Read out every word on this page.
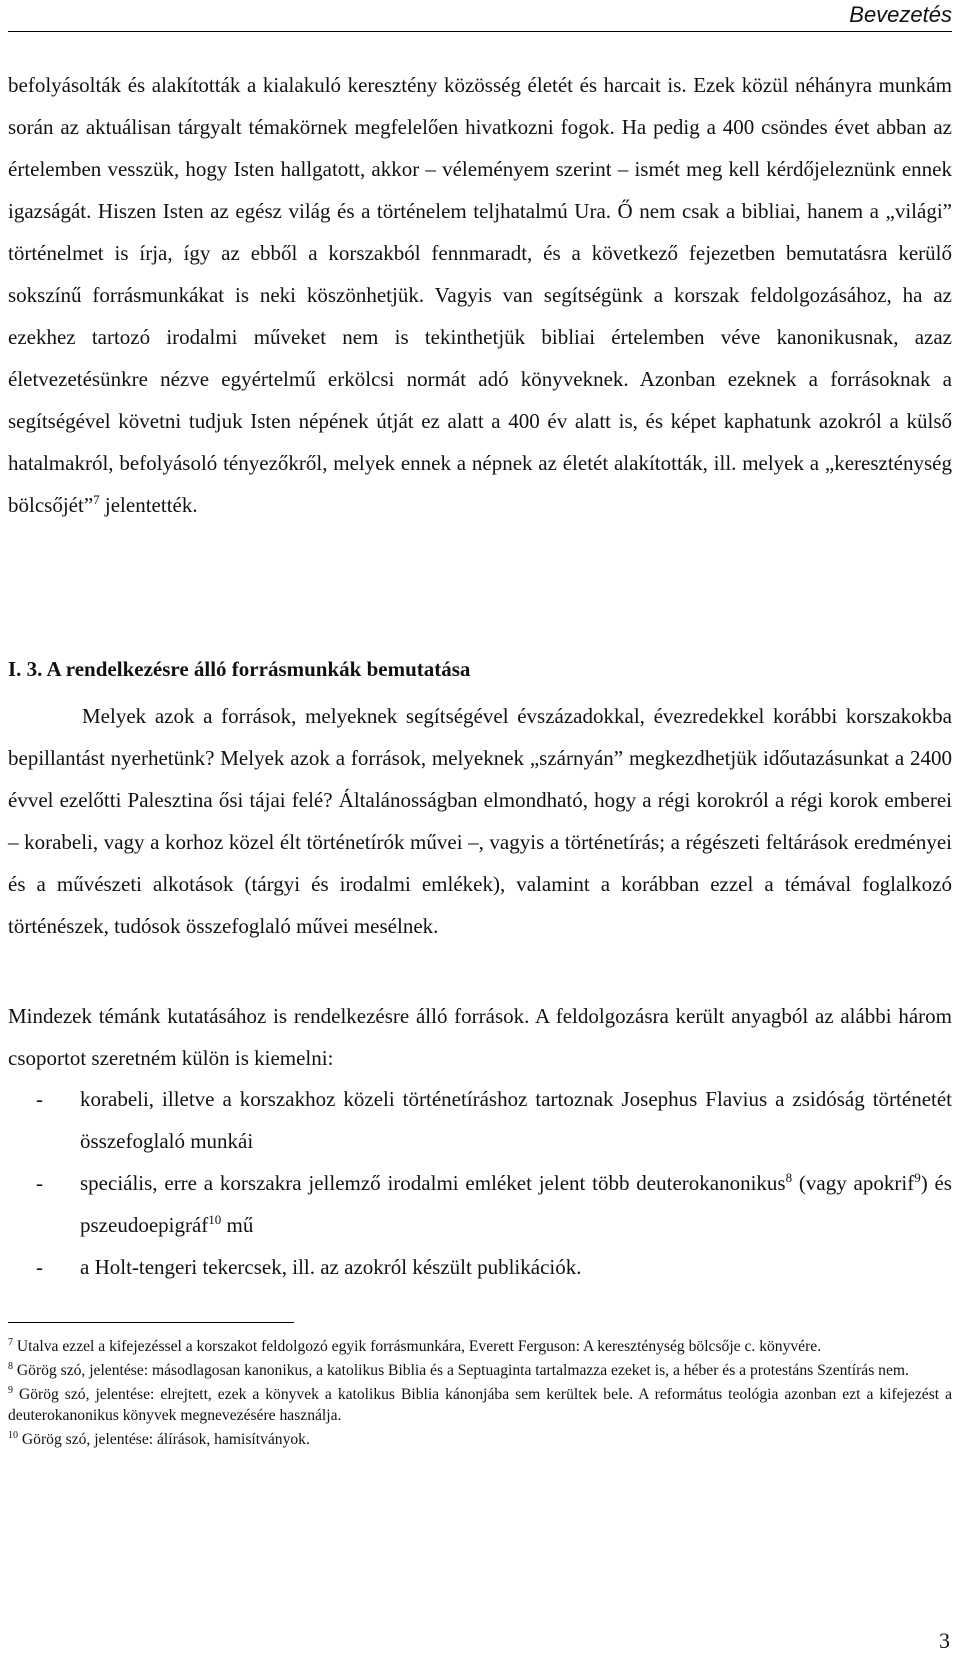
Bevezetés

befolyásolták és alakították a kialakuló keresztény közösség életét és harcait is. Ezek közül néhányra munkám során az aktuálisan tárgyalt témakörnek megfelelően hivatkozni fogok. Ha pedig a 400 csöndes évet abban az értelemben vesszük, hogy Isten hallgatott, akkor – véleményem szerint – ismét meg kell kérdőjeleznünk ennek igazságát. Hiszen Isten az egész világ és a történelem teljhatalmú Ura. Ő nem csak a bibliai, hanem a „világi” történelmet is írja, így az ebből a korszakból fennmaradt, és a következő fejezetben bemutatásra kerülő sokszínű forrásmunkákat is neki köszönhetjük. Vagyis van segítségünk a korszak feldolgozásához, ha az ezekhez tartozó irodalmi műveket nem is tekinthetjük bibliai értelemben véve kanonikusnak, azaz életvezetésünkre nézve egyértelmű erkölcsi normát adó könyveknek. Azonban ezeknek a forrásoknak a segítségével követni tudjuk Isten népének útját ez alatt a 400 év alatt is, és képet kaphatunk azokról a külső hatalmakról, befolyásoló tényezőkről, melyek ennek a népnek az életét alakították, ill. melyek a „kereszténység bölcsőjét”$^7$ jelentették.

I. 3. A rendelkezésre álló forrásmunkák bemutatása

Melyek azok a források, melyeknek segítségével évszázadokkal, évezredekkel korábbi korszakokba bepillantást nyerhetünk? Melyek azok a források, melyeknek „szárnyán” megkezdhetjük időutazásunkat a 2400 évvel ezelőtti Palesztina ősi tájai felé? Általánosságban elmondható, hogy a régi korokról a régi korok emberei – korabeli, vagy a korhoz közel élt történetírók művei –, vagyis a történetírás; a régészeti feltárások eredményei és a művészeti alkotások (tárgyi és irodalmi emlékek), valamint a korábban ezzel a témával foglalkozó történészek, tudósok összefoglaló művei mesélnek.

Mindezek témánk kutatásához is rendelkezésre álló források. A feldolgozásra került anyagból az alábbi három csoportot szeretném külön is kiemelni:

- korabeli, illetve a korszakhoz közeli történetíráshoz tartoznak Josephus Flavius a zsidóság történetét összefoglaló munkái
- speciális, erre a korszakra jellemző irodalmi emléket jelent több deuterokanonikus$^8$ (vagy apokrif$^9$) és pszeudoepigráf$^{10}$ mű
- a Holt-tengeri tekercsek, ill. az azokról készült publikációk.

$^7$ Utalva ezzel a kifejezéssel a korszakot feldolgozó egyik forrásmunkára, Everett Ferguson: A kereszténység bölcsője c. könyvére.

$^8$ Görög szó, jelentése: másodlagosan kanonikus, a katolikus Biblia és a Septuaginta tartalmazza ezeket is, a héber és a protestáns Szentírás nem.

$^9$ Görög szó, jelentése: elrejtett, ezek a könyvek a katolikus Biblia kánonjába sem kerültek bele. A református teológia azonban ezt a kifejezést a deuterokanonikus könyvek megnevezésére használja.

$^{10}$ Görög szó, jelentése: álírások, hamisítványok.

3
